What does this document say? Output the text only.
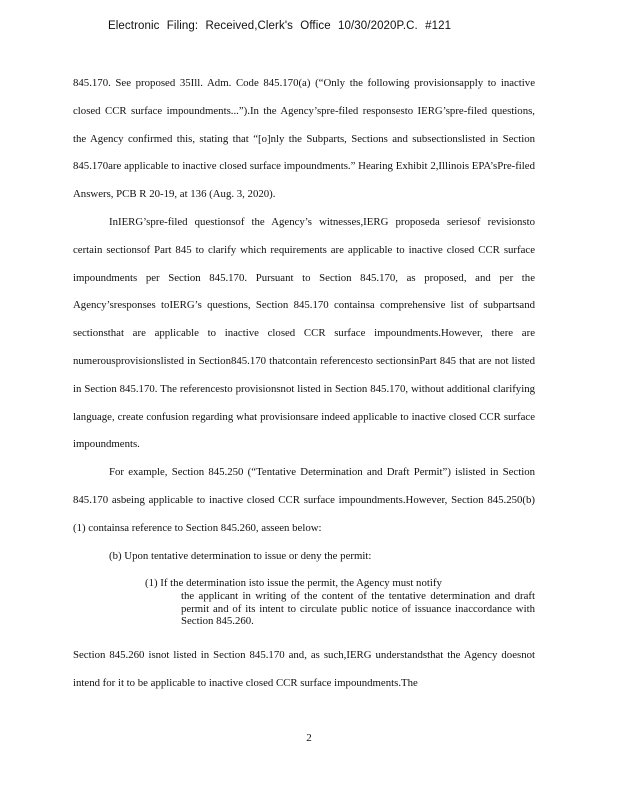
Electronic Filing: Received,Clerk's Office 10/30/2020P.C. #121

845.170. See proposed 35Ill. Adm. Code 845.170(a) (“Only the following provisionsapply to inactive closed CCR surface impoundments...”).In the Agency’spre-filed responsesto IERG’spre-filed questions, the Agency confirmed this, stating that “[o]nly the Subparts, Sections and subsectionslisted in Section 845.170are applicable to inactive closed surface impoundments.” Hearing Exhibit 2,Illinois EPA’sPre-filed Answers, PCB R 20-19, at 136 (Aug. 3, 2020).

InIERG’spre-filed questionsof the Agency’s witnesses,IERG proposeda seriesof revisionsto certain sectionsof Part 845 to clarify which requirements are applicable to inactive closed CCR surface impoundments per Section 845.170. Pursuant to Section 845.170, as proposed, and per the Agency’sresponses toIERG’s questions, Section 845.170 containsa comprehensive list of subpartsand sectionsthat are applicable to inactive closed CCR surface impoundments.However, there are numerousprovisionslisted in Section845.170 thatcontain referencesto sectionsinPart 845 that are not listed in Section 845.170. The referencesto provisionsnot listed in Section 845.170, without additional clarifying language, create confusion regarding what provisionsare indeed applicable to inactive closed CCR surface impoundments.

For example, Section 845.250 (“Tentative Determination and Draft Permit”) islisted in Section 845.170 asbeing applicable to inactive closed CCR surface impoundments.However, Section 845.250(b)(1) containsa reference to Section 845.260, asseen below:

(b) Upon tentative determination to issue or deny the permit:

(1) If the determination isto issue the permit, the Agency must notify
the applicant in writing of the content of the tentative determination and draft permit and of its intent to circulate public notice of issuance inaccordance with Section 845.260.

Section 845.260 isnot listed in Section 845.170 and, as such,IERG understandsthat the Agency doesnot intend for it to be applicable to inactive closed CCR surface impoundments.The

2
